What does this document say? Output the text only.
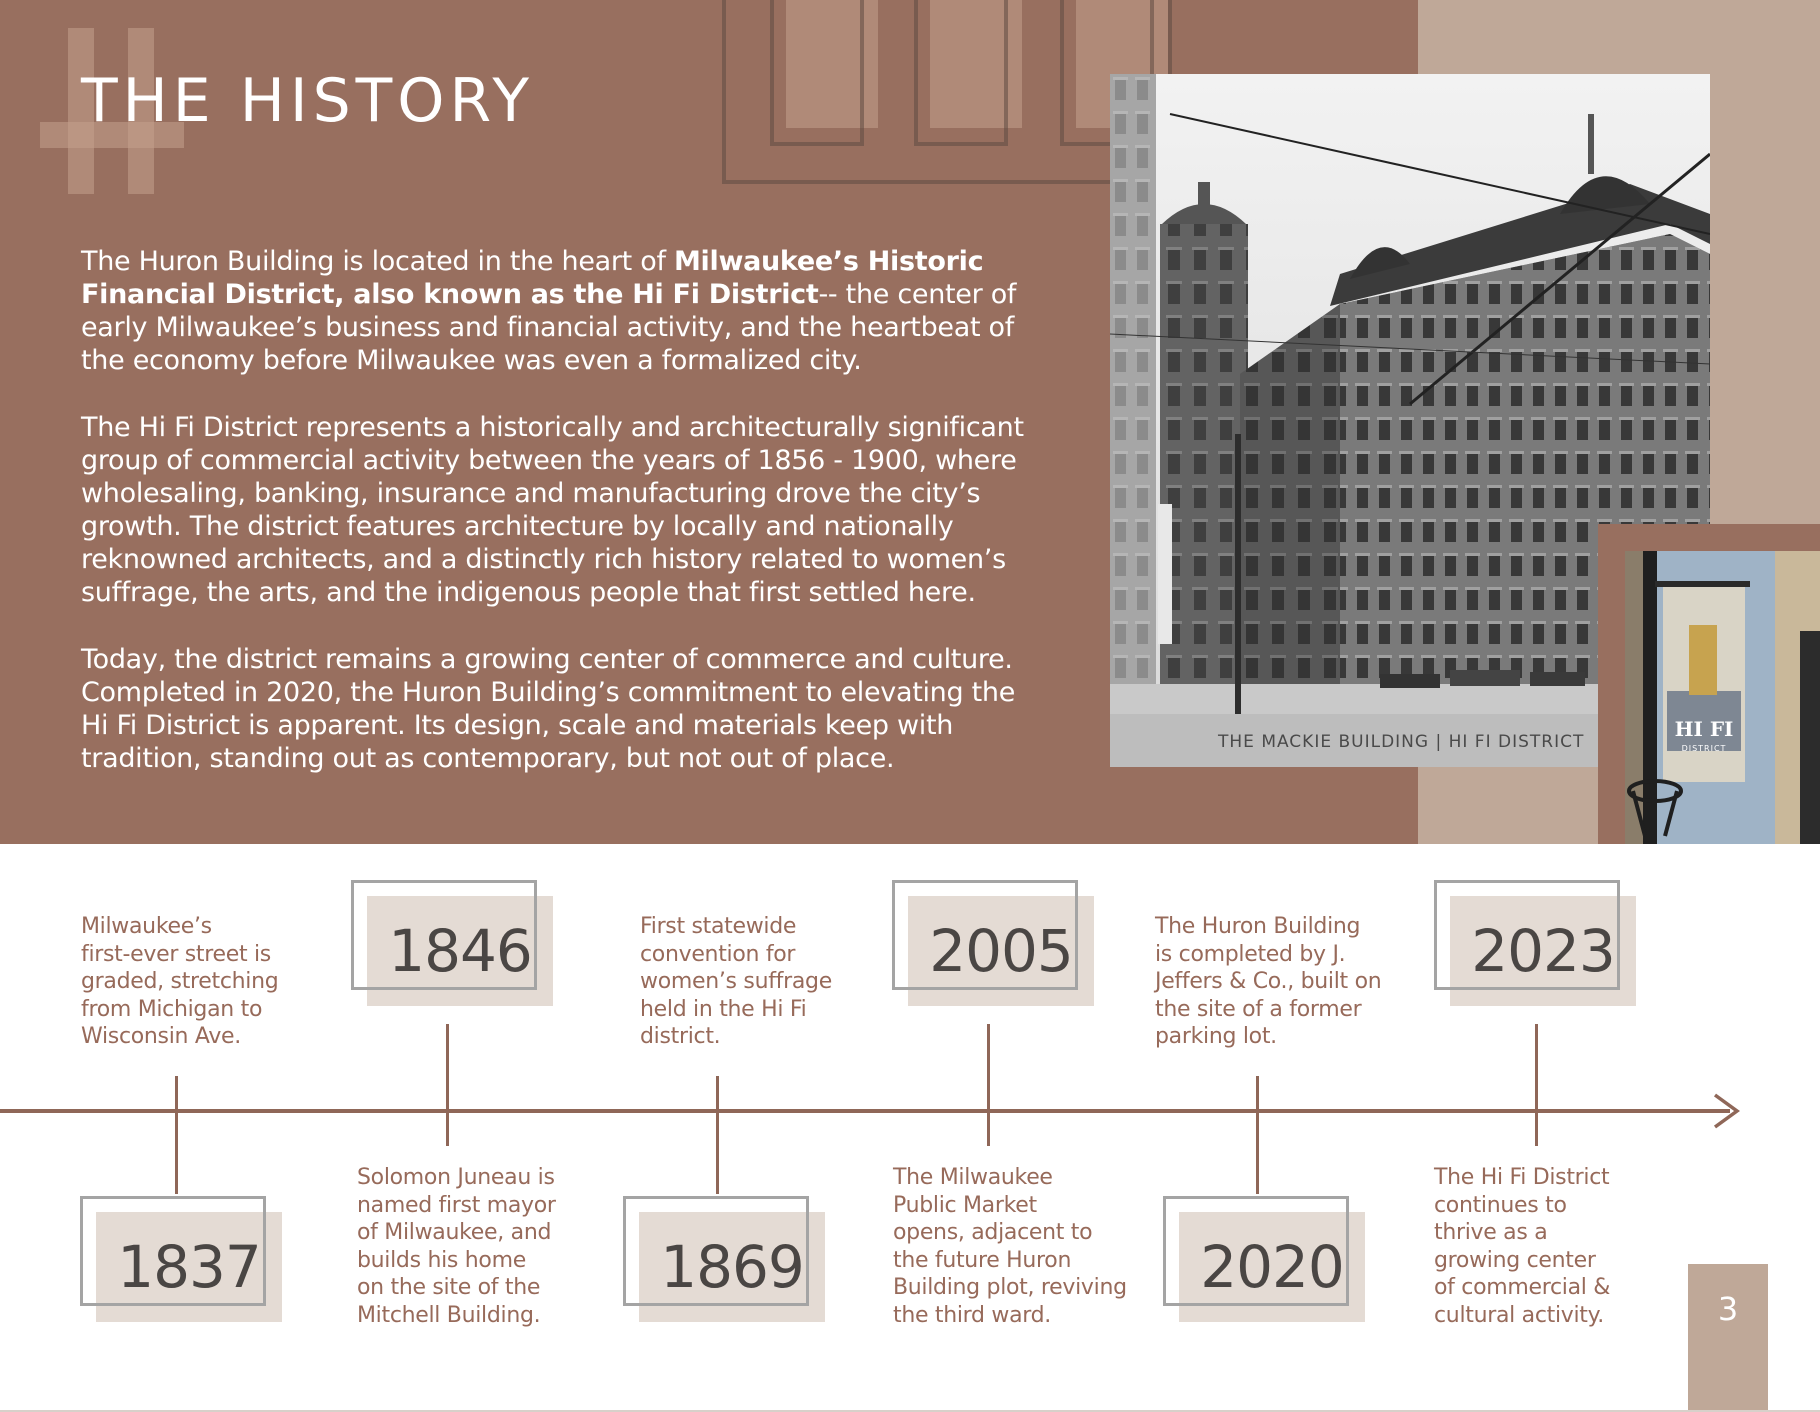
THE HISTORY

The Huron Building is located in the heart of Milwaukee’s Historic Financial District, also known as the Hi Fi District-- the center of early Milwaukee’s business and financial activity, and the heartbeat of the economy before Milwaukee was even a formalized city.

The Hi Fi District represents a historically and architecturally significant group of commercial activity between the years of 1856 - 1900, where wholesaling, banking, insurance and manufacturing drove the city’s growth. The district features architecture by locally and nationally reknowned architects, and a distinctly rich history related to women’s suffrage, the arts, and the indigenous people that first settled here.

Today, the district remains a growing center of commerce and culture. Completed in 2020, the Huron Building’s commitment to elevating the Hi Fi District is apparent. Its design, scale and materials keep with tradition, standing out as contemporary, but not out of place.

THE MACKIE BUILDING | HI FI DISTRICT
HI FI
DISTRICT

Milwaukee’s
first-ever street is
graded, stretching
from Michigan to
Wisconsin Ave.

1837
1846

Solomon Juneau is
named first mayor
of Milwaukee, and
builds his home
on the site of the
Mitchell Building.

First statewide
convention for
women’s suffrage
held in the Hi Fi
district.

1869
2005

The Milwaukee
Public Market
opens, adjacent to
the future Huron
Building plot, reviving
the third ward.

The Huron Building
is completed by J.
Jeffers & Co., built on
the site of a former
parking lot.

2020
2023

The Hi Fi District
continues to
thrive as a
growing center
of commercial &
cultural activity.	3
